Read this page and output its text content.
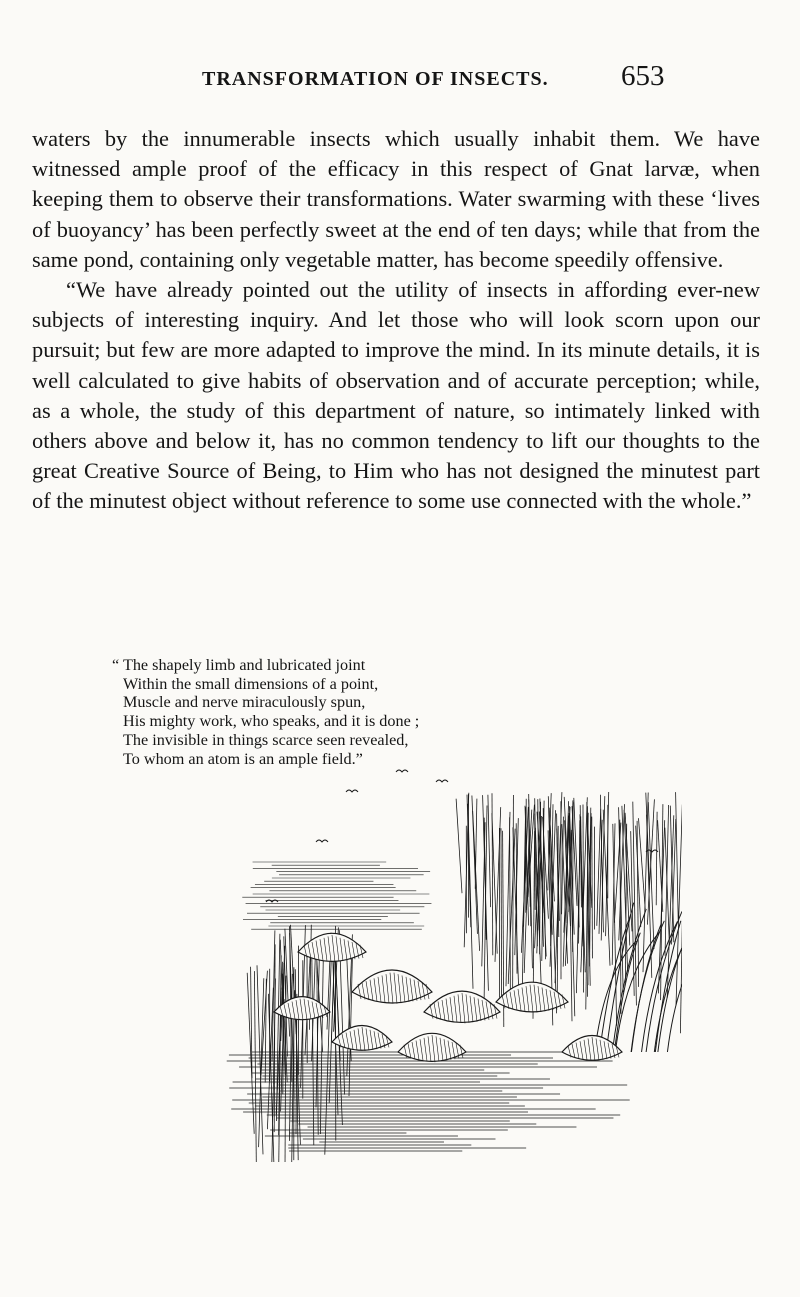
TRANSFORMATION OF INSECTS. 653

waters by the innumerable insects which usually inhabit them. We have witnessed ample proof of the efficacy in this respect of Gnat larvæ, when keeping them to observe their transformations. Water swarming with these ‘lives of buoyancy’ has been perfectly sweet at the end of ten days; while that from the same pond, containing only vegetable matter, has become speedily offensive.

“We have already pointed out the utility of insects in affording ever-new subjects of interesting inquiry. And let those who will look scorn upon our pursuit; but few are more adapted to improve the mind. In its minute details, it is well calculated to give habits of observation and of accurate perception; while, as a whole, the study of this department of nature, so intimately linked with others above and below it, has no common tendency to lift our thoughts to the great Creative Source of Being, to Him who has not designed the minutest part of the minutest object without reference to some use connected with the whole.”

“ The shapely limb and lubricated joint
Within the small dimensions of a point,
Muscle and nerve miraculously spun,
His mighty work, who speaks, and it is done ;
The invisible in things scarce seen revealed,
To whom an atom is an ample field.”
